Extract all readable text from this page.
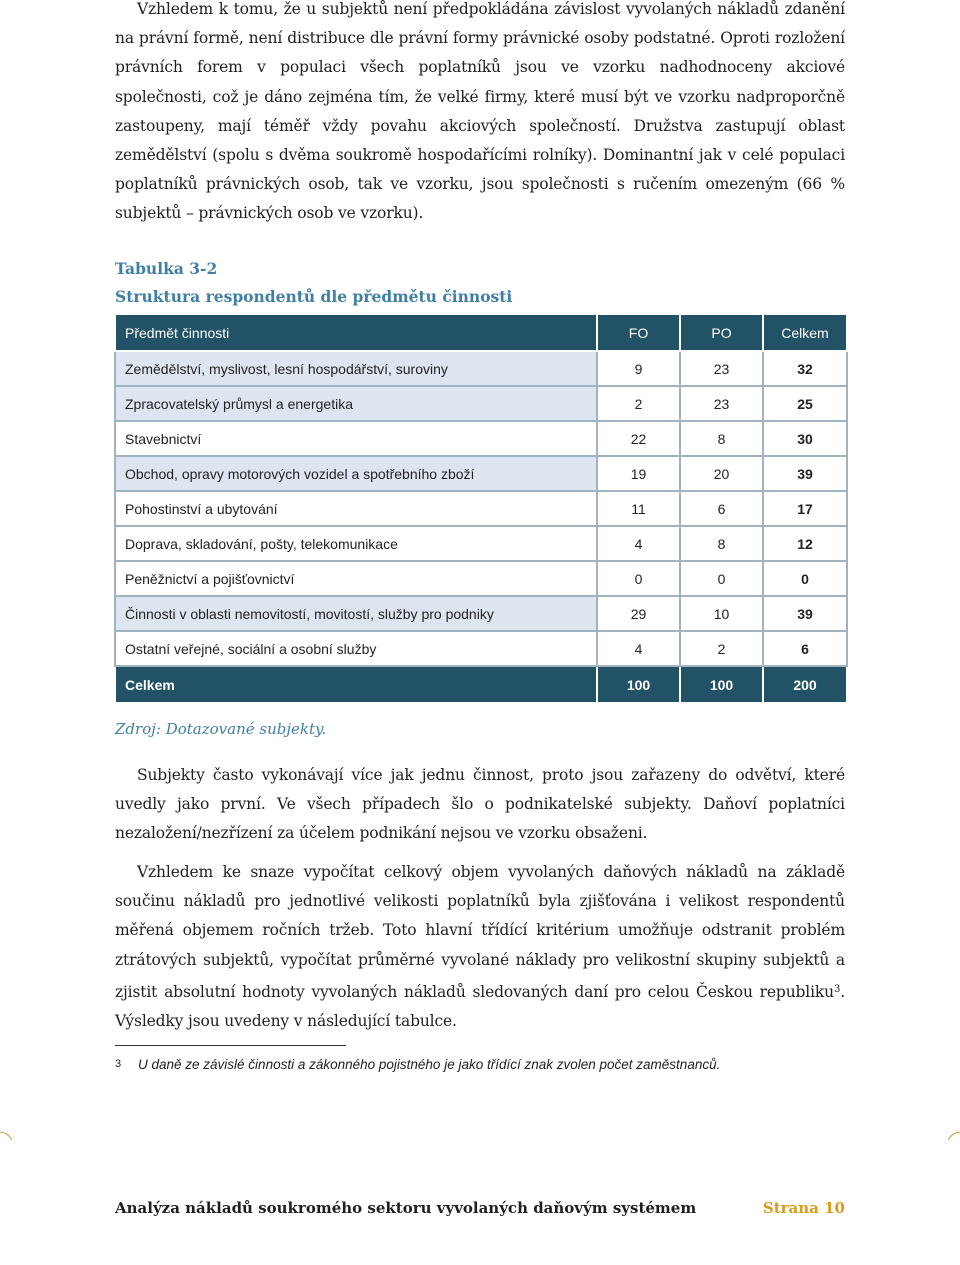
Vzhledem k tomu, že u subjektů není předpokládána závislost vyvolaných nákladů zdanění na právní formě, není distribuce dle právní formy právnické osoby podstatné. Oproti rozložení právních forem v populaci všech poplatníků jsou ve vzorku nadhodnoceny akciové společnosti, což je dáno zejména tím, že velké firmy, které musí být ve vzorku nadproporčně zastoupeny, mají téměř vždy povahu akciových společností. Družstva zastupují oblast zemědělství (spolu s dvěma soukromě hospodařícími rolníky). Dominantní jak v celé populaci poplatníků právnických osob, tak ve vzorku, jsou společnosti s ručením omezeným (66 % subjektů – právnických osob ve vzorku).

Tabulka 3-2

Struktura respondentů dle předmětu činnosti

Předmět činnosti	FO	PO	Celkem
Zemědělství, myslivost, lesní hospodářství, suroviny	9	23	32
Zpracovatelský průmysl a energetika	2	23	25
Stavebnictví	22	8	30
Obchod, opravy motorových vozidel a spotřebního zboží	19	20	39
Pohostinství a ubytování	11	6	17
Doprava, skladování, pošty, telekomunikace	4	8	12
Peněžnictví a pojišťovnictví	0	0	0
Činnosti v oblasti nemovitostí, movitostí, služby pro podniky	29	10	39
Ostatní veřejné, sociální a osobní služby	4	2	6
Celkem	100	100	200

Zdroj: Dotazované subjekty.

Subjekty často vykonávají více jak jednu činnost, proto jsou zařazeny do odvětví, které uvedly jako první. Ve všech případech šlo o podnikatelské subjekty. Daňoví poplatníci nezaložení/nezřízení za účelem podnikání nejsou ve vzorku obsaženi.

Vzhledem ke snaze vypočítat celkový objem vyvolaných daňových nákladů na základě součinu nákladů pro jednotlivé velikosti poplatníků byla zjišťována i velikost respondentů měřená objemem ročních tržeb. Toto hlavní třídící kritérium umožňuje odstranit problém ztrátových subjektů, vypočítat průměrné vyvolané náklady pro velikostní skupiny subjektů a zjistit absolutní hodnoty vyvolaných nákladů sledovaných daní pro celou Českou republiku$^3$. Výsledky jsou uvedeny v následující tabulce.

3 U daně ze závislé činnosti a zákonného pojistného je jako třídící znak zvolen počet zaměstnanců.

Analýza nákladů soukromého sektoru vyvolaných daňovým systémem	Strana 10
